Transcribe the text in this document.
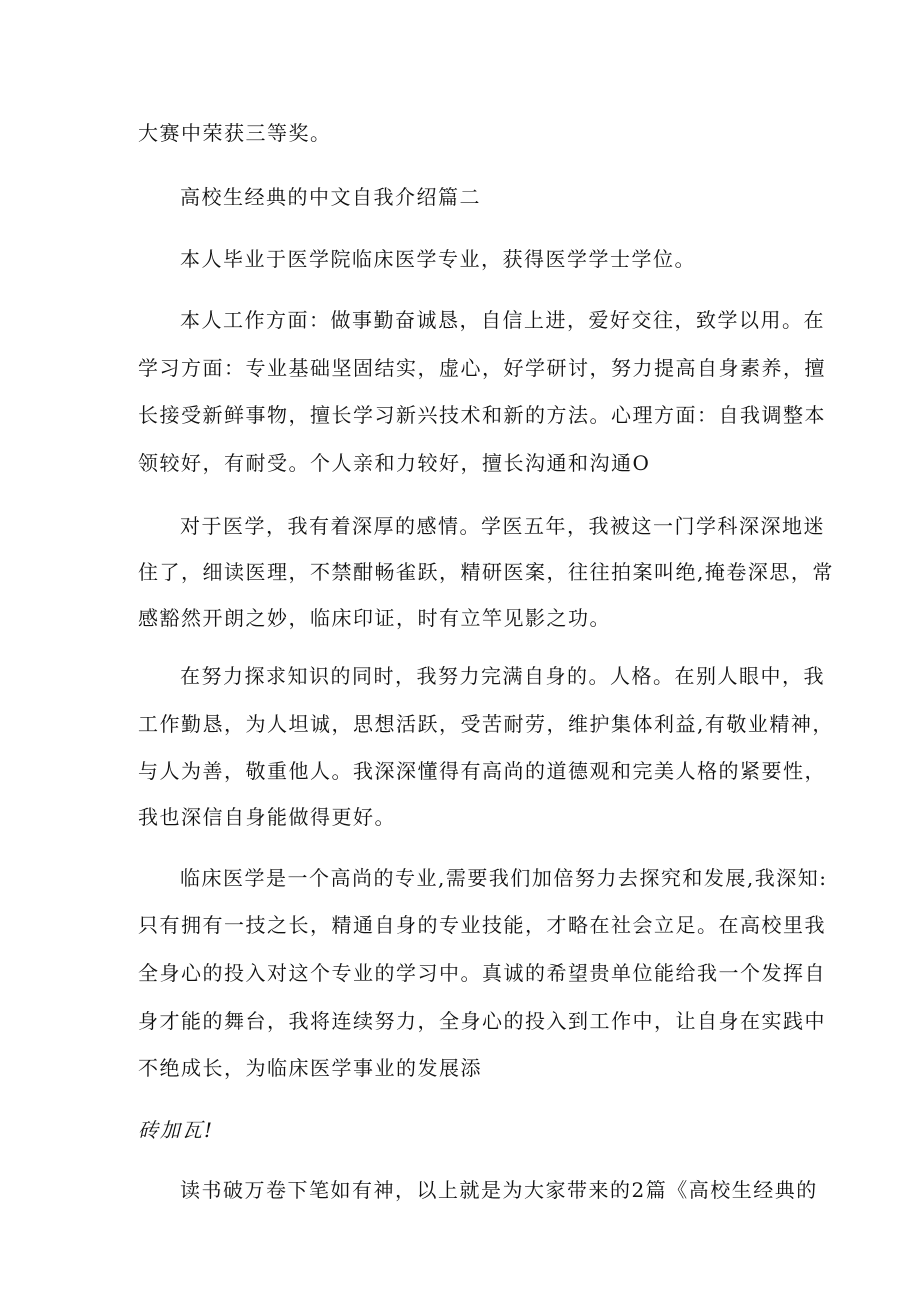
大赛中荣获三等奖。
高校生经典的中文自我介绍篇二
本人毕业于医学院临床医学专业，获得医学学士学位。
本人工作方面：做事勤奋诚恳，自信上进，爱好交往，致学以用。在
学习方面：专业基础坚固结实，虚心，好学研讨，努力提高自身素养，擅
长接受新鲜事物，擅长学习新兴技术和新的方法。心理方面：自我调整本
领较好，有耐受。个人亲和力较好，擅长沟通和沟通O
对于医学，我有着深厚的感情。学医五年，我被这一门学科深深地迷
住了，细读医理，不禁酣畅雀跃，精研医案，往往拍案叫绝,掩卷深思，常
感豁然开朗之妙，临床印证，时有立竿见影之功。
在努力探求知识的同时，我努力完满自身的。人格。在别人眼中，我
工作勤恳，为人坦诚，思想活跃，受苦耐劳，维护集体利益,有敬业精神，
与人为善，敬重他人。我深深懂得有高尚的道德观和完美人格的紧要性，
我也深信自身能做得更好。
临床医学是一个高尚的专业,需要我们加倍努力去探究和发展,我深知:
只有拥有一技之长，精通自身的专业技能，才略在社会立足。在高校里我
全身心的投入对这个专业的学习中。真诚的希望贵单位能给我一个发挥自
身才能的舞台，我将连续努力，全身心的投入到工作中，让自身在实践中
不绝成长，为临床医学事业的发展添
砖加瓦!
读书破万卷下笔如有神，以上就是为大家带来的2篇《高校生经典的
